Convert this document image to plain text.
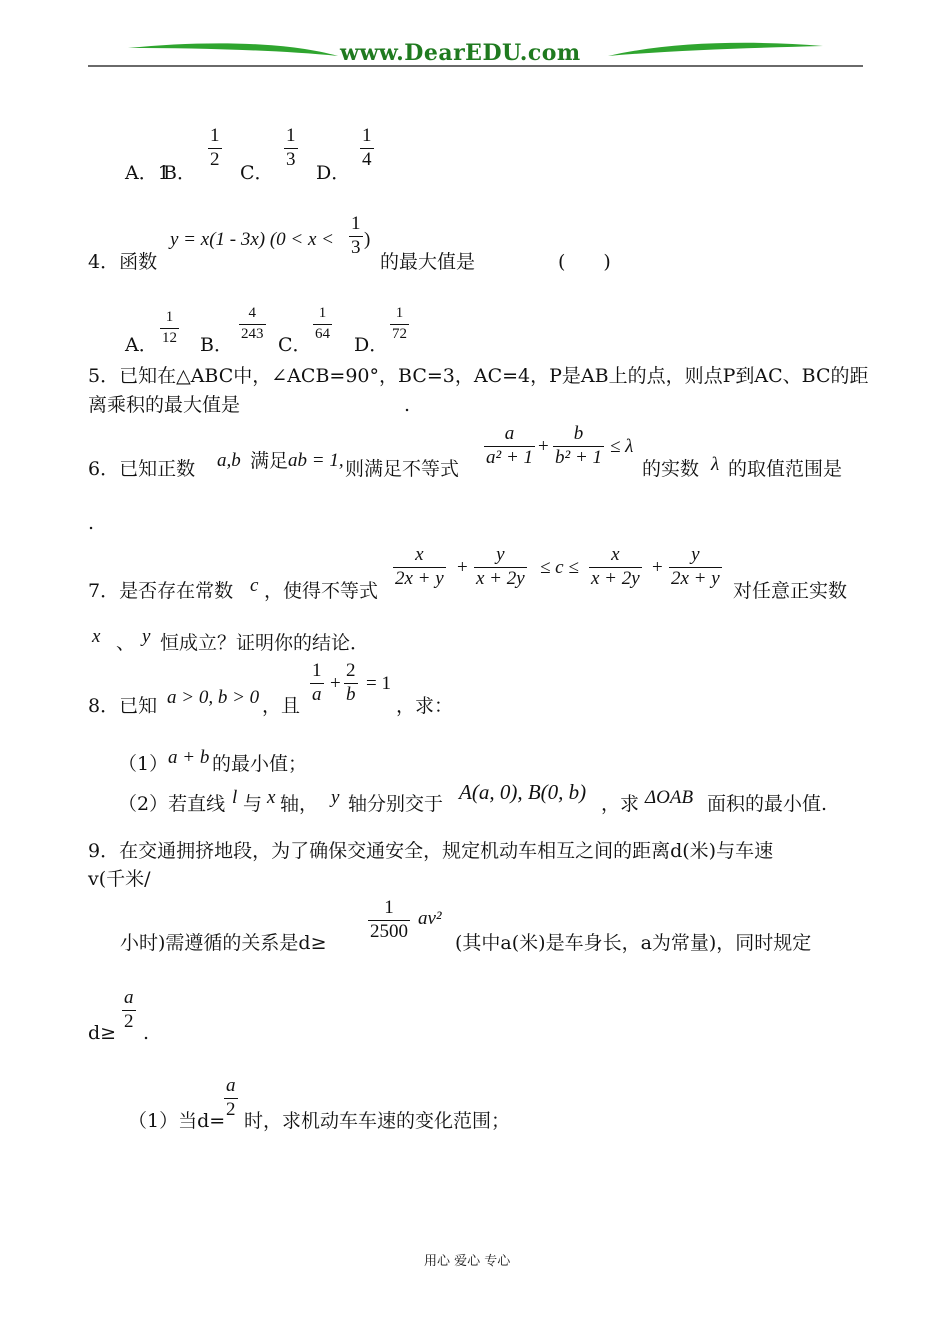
www.DearEDU.com
A．1
B．
1
2
C．
1
3
D．
1
4
4．函数
y = x(1 - 3x) (0 < x <
1
3 )
的最大值是	(　　)
A．
1
12 B．
4
243 C．
1
64 D．
1
72
5．已知在△ABC中，∠ACB=90°，BC=3，AC=4，P是AB上的点，则点P到AC、BC的距
离乘积的最大值是	.
6．已知正数 a,b 满足 ab = 1, 则满足不等式
a
a² + 1
+
b
b² + 1
≤ λ
的实数 λ 的取值范围是
.
7．是否存在常数 c ，使得不等式
x
2x + y
+
y
x + 2y
≤ c ≤
x
x + 2y
+
y
2x + y
对任意正实数
x 、 y 恒成立？证明你的结论．
8．已知 a > 0, b > 0 ，且
1
a
+
2
b
= 1
，求：
（1） a + b 的最小值；
（2）若直线 l 与 x 轴， y 轴分别交于 A(a, 0), B(0, b) ，求 ΔOAB 面积的最小值.
9．在交通拥挤地段，为了确保交通安全，规定机动车相互之间的距离d(米)与车速
v(千米/
小时)需遵循的关系是d≥
1
2500
av²
(其中a(米)是车身长，a为常量)，同时规定
d≥
a
2
.
（1）当d=
a
2
时，求机动车车速的变化范围；
用心 爱心 专心
